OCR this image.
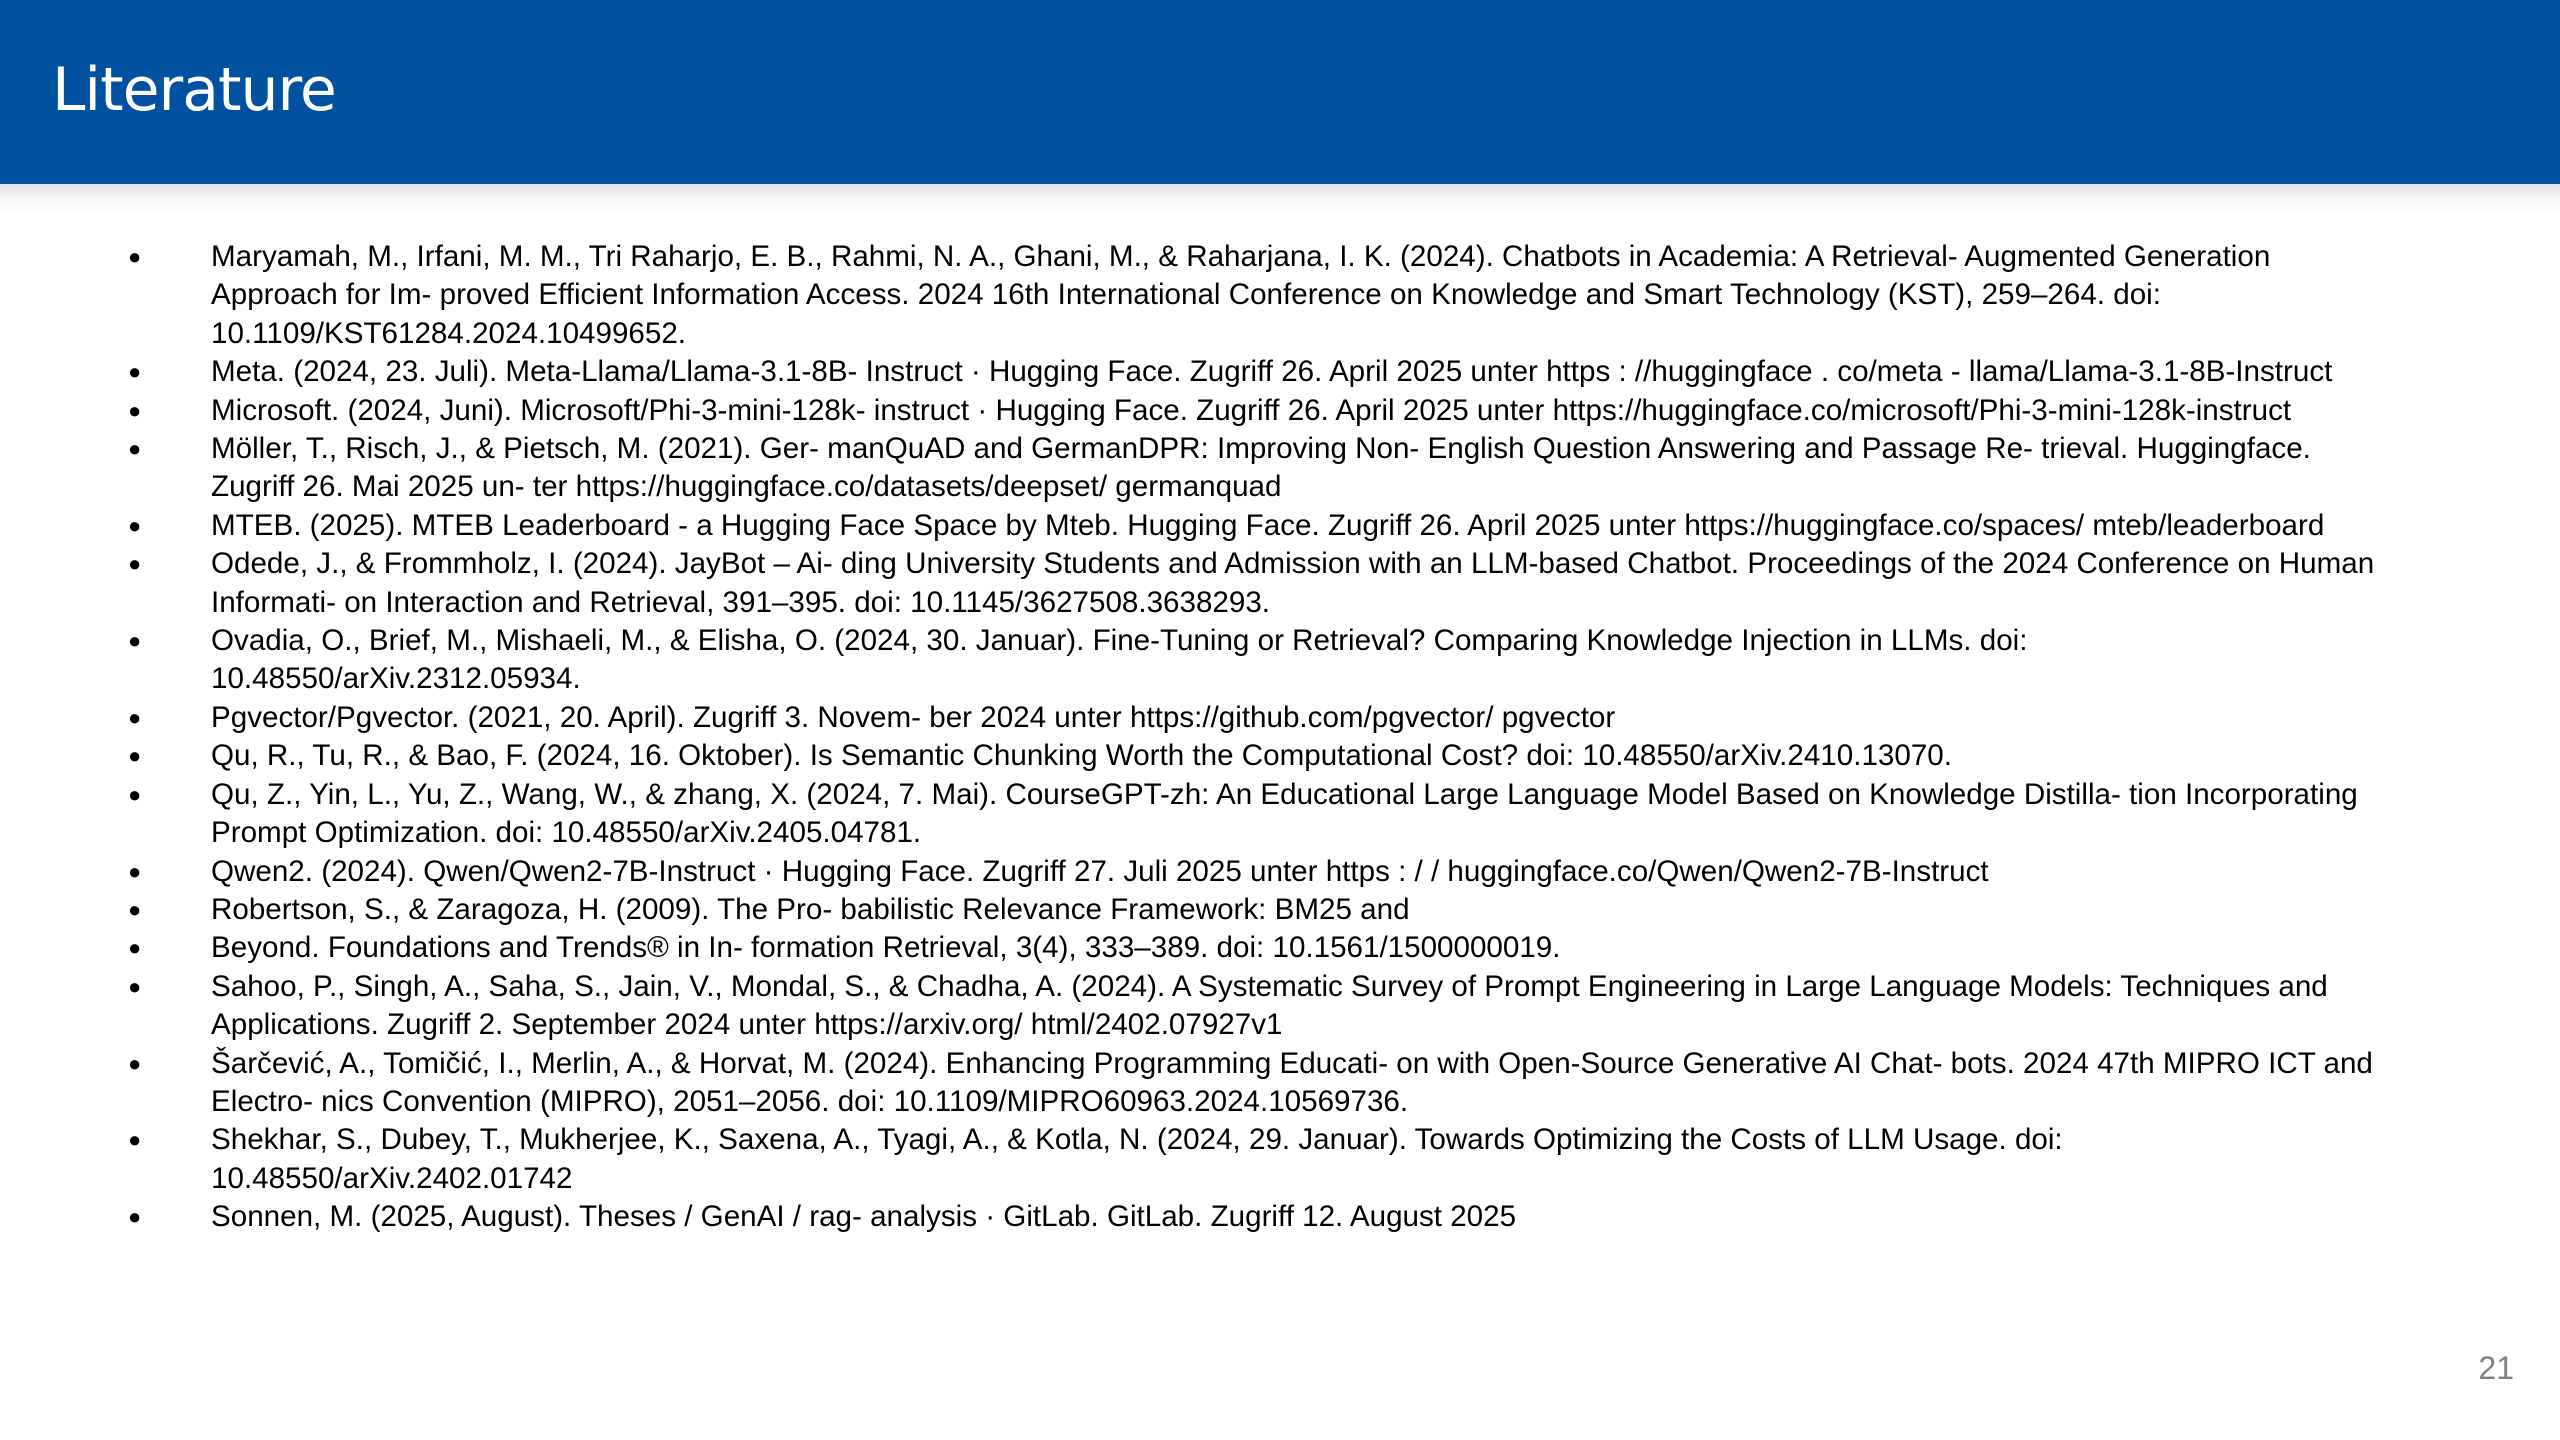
Literature
● Maryamah, M., Irfani, M. M., Tri Raharjo, E. B., Rahmi, N. A., Ghani, M., & Raharjana, I. K. (2024). Chatbots in Academia: A Retrieval- Augmented Generation Approach for Im- proved Efficient Information Access. 2024 16th International Conference on Knowledge and Smart Technology (KST), 259–264. doi: 10.1109/KST61284.2024.10499652.
● Meta. (2024, 23. Juli). Meta-Llama/Llama-3.1-8B- Instruct · Hugging Face. Zugriff 26. April 2025 unter https : //huggingface . co/meta - llama/Llama-3.1-8B-Instruct
● Microsoft. (2024, Juni). Microsoft/Phi-3-mini-128k- instruct · Hugging Face. Zugriff 26. April 2025 unter https://huggingface.co/microsoft/Phi-3-mini-128k-instruct
● Möller, T., Risch, J., & Pietsch, M. (2021). Ger- manQuAD and GermanDPR: Improving Non- English Question Answering and Passage Re- trieval. Huggingface. Zugriff 26. Mai 2025 un- ter https://huggingface.co/datasets/deepset/ germanquad
● MTEB. (2025). MTEB Leaderboard - a Hugging Face Space by Mteb. Hugging Face. Zugriff 26. April 2025 unter https://huggingface.co/spaces/ mteb/leaderboard
● Odede, J., & Frommholz, I. (2024). JayBot – Ai- ding University Students and Admission with an LLM-based Chatbot. Proceedings of the 2024 Conference on Human Informati- on Interaction and Retrieval, 391–395. doi: 10.1145/3627508.3638293.
● Ovadia, O., Brief, M., Mishaeli, M., & Elisha, O. (2024, 30. Januar). Fine-Tuning or Retrieval? Comparing Knowledge Injection in LLMs. doi: 10.48550/arXiv.2312.05934.
● Pgvector/Pgvector. (2021, 20. April). Zugriff 3. Novem- ber 2024 unter https://github.com/pgvector/ pgvector
● Qu, R., Tu, R., & Bao, F. (2024, 16. Oktober). Is Semantic Chunking Worth the Computational Cost? doi: 10.48550/arXiv.2410.13070.
● Qu, Z., Yin, L., Yu, Z., Wang, W., & zhang, X. (2024, 7. Mai). CourseGPT-zh: An Educational Large Language Model Based on Knowledge Distilla- tion Incorporating Prompt Optimization. doi: 10.48550/arXiv.2405.04781.
● Qwen2. (2024). Qwen/Qwen2-7B-Instruct · Hugging Face. Zugriff 27. Juli 2025 unter https : / / huggingface.co/Qwen/Qwen2-7B-Instruct
● Robertson, S., & Zaragoza, H. (2009). The Pro- babilistic Relevance Framework: BM25 and
● Beyond. Foundations and Trends® in In- formation Retrieval, 3(4), 333–389. doi: 10.1561/1500000019.
● Sahoo, P., Singh, A., Saha, S., Jain, V., Mondal, S., & Chadha, A. (2024). A Systematic Survey of Prompt Engineering in Large Language Models: Techniques and Applications. Zugriff 2. September 2024 unter https://arxiv.org/ html/2402.07927v1
● Šarčević, A., Tomičić, I., Merlin, A., & Horvat, M. (2024). Enhancing Programming Educati- on with Open-Source Generative AI Chat- bots. 2024 47th MIPRO ICT and Electro- nics Convention (MIPRO), 2051–2056. doi: 10.1109/MIPRO60963.2024.10569736.
● Shekhar, S., Dubey, T., Mukherjee, K., Saxena, A., Tyagi, A., & Kotla, N. (2024, 29. Januar). Towards Optimizing the Costs of LLM Usage. doi: 10.48550/arXiv.2402.01742
● Sonnen, M. (2025, August). Theses / GenAI / rag- analysis · GitLab. GitLab. Zugriff 12. August 2025
21
